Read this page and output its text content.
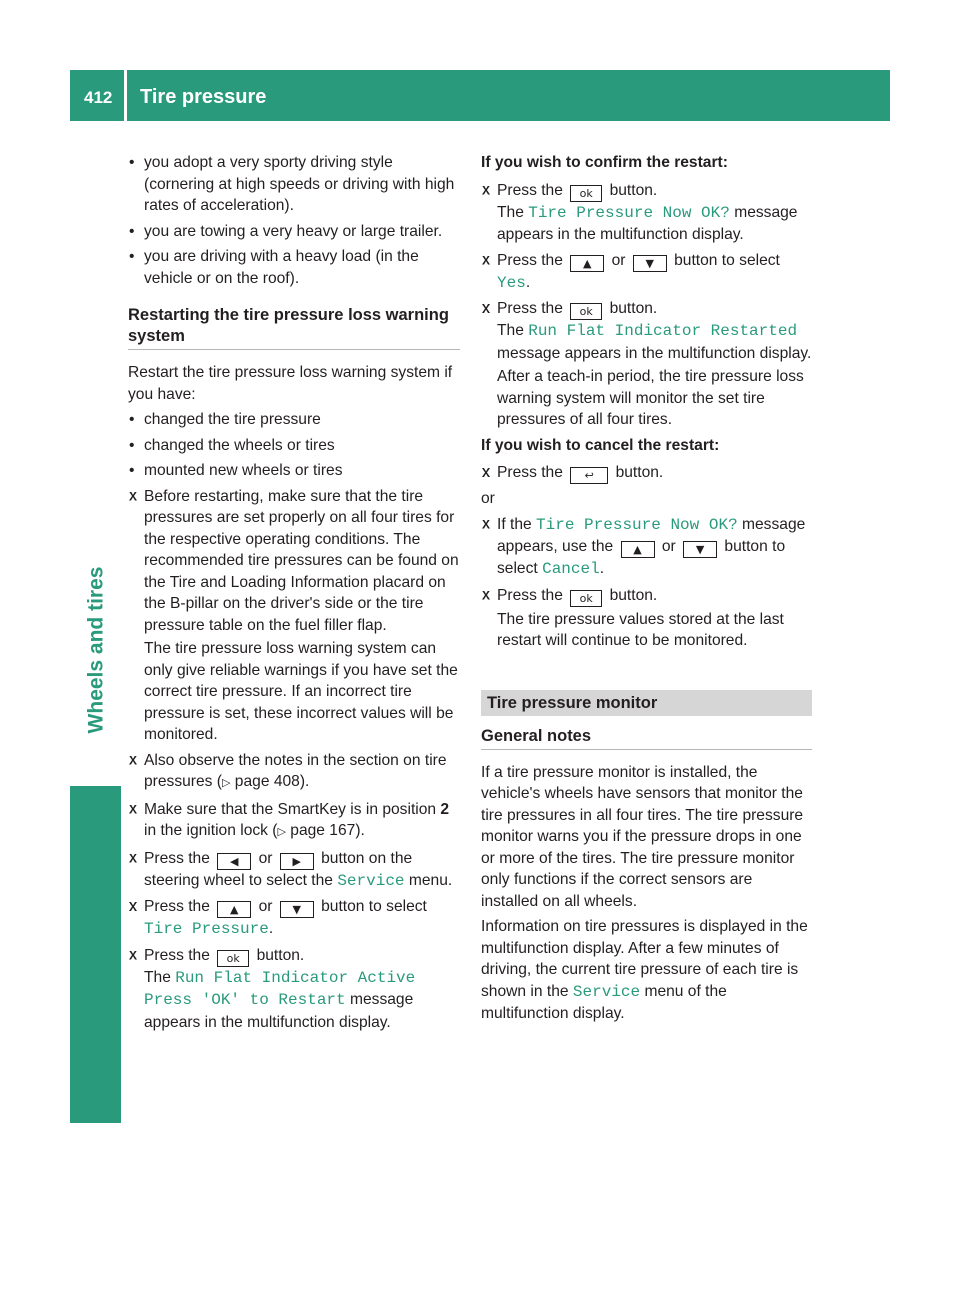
412 Tire pressure
Wheels and tires
• you adopt a very sporty driving style (cornering at high speeds or driving with high rates of acceleration).
• you are towing a very heavy or large trailer.
• you are driving with a heavy load (in the vehicle or on the roof).
Restarting the tire pressure loss warning system
Restart the tire pressure loss warning system if you have:
• changed the tire pressure
• changed the wheels or tires
• mounted new wheels or tires
Before restarting, make sure that the tire pressures are set properly on all four tires for the respective operating conditions. The recommended tire pressures can be found on the Tire and Loading Information placard on the B-pillar on the driver's side or the tire pressure table on the fuel filler flap.
The tire pressure loss warning system can only give reliable warnings if you have set the correct tire pressure. If an incorrect tire pressure is set, these incorrect values will be monitored.
Also observe the notes in the section on tire pressures (▷ page 408).
Make sure that the SmartKey is in position 2 in the ignition lock (▷ page 167).
Press the ◀ or ▶ button on the steering wheel to select the Service menu.
Press the ▲ or ▼ button to select Tire Pressure.
Press the ok button.
The Run Flat Indicator Active
Press 'OK' to Restart message
appears in the multifunction display.
If you wish to confirm the restart:
Press the ok button.
The Tire Pressure Now OK? message
appears in the multifunction display.
Press the ▲ or ▼ button to select
Yes.
Press the ok button.
The Run Flat Indicator Restarted
message appears in the multifunction display.
After a teach-in period, the tire pressure loss warning system will monitor the set tire pressures of all four tires.
If you wish to cancel the restart:
Press the ↩ button.
or
If the Tire Pressure Now OK? message appears, use the ▲ or ▼ button to select Cancel.
Press the ok button.
The tire pressure values stored at the last restart will continue to be monitored.
Tire pressure monitor
General notes
If a tire pressure monitor is installed, the vehicle's wheels have sensors that monitor the tire pressures in all four tires. The tire pressure monitor warns you if the pressure drops in one or more of the tires. The tire pressure monitor only functions if the correct sensors are installed on all wheels.
Information on tire pressures is displayed in the multifunction display. After a few minutes of driving, the current tire pressure of each tire is shown in the Service menu of the multifunction display.
